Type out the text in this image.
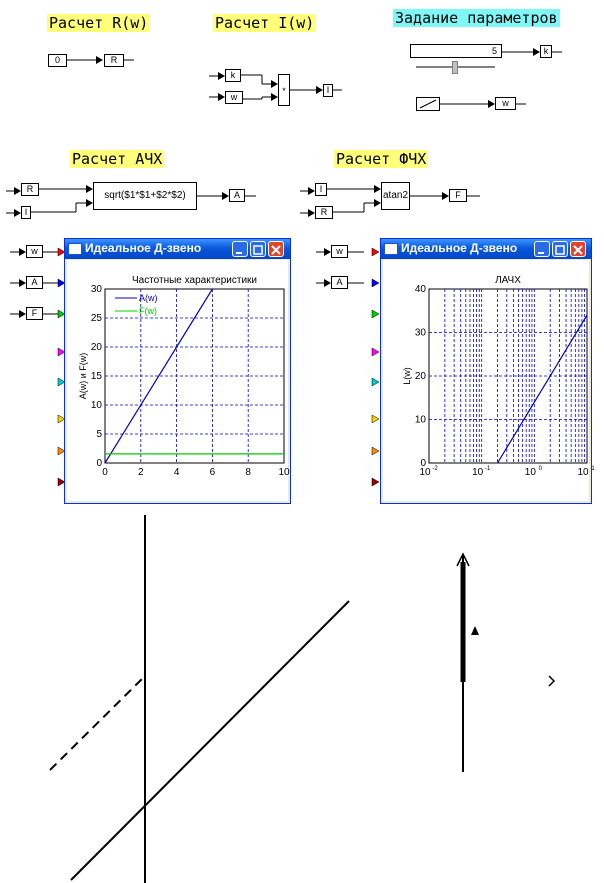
Расчет R(w)	Расчет I(w)	Задание параметров
Расчет АЧХ	Расчет ФЧХ
0	R
k
w
*	I
5	k
w
R
I
sqrt($1*$1+$2*$2)	A
I
R
atan2	F
w
A
F
w
A
Идеальное Д-звено
Частотные характеристики
A(w) и F(w)
0
5
10
15
20
25
30
0	2	4	6	8	10
A(w)
F(w)
Идеальное Д-звено
ЛАЧХ
L(w)
0
10
20
30
40
10 -2	10 -1	10 0	10 1
